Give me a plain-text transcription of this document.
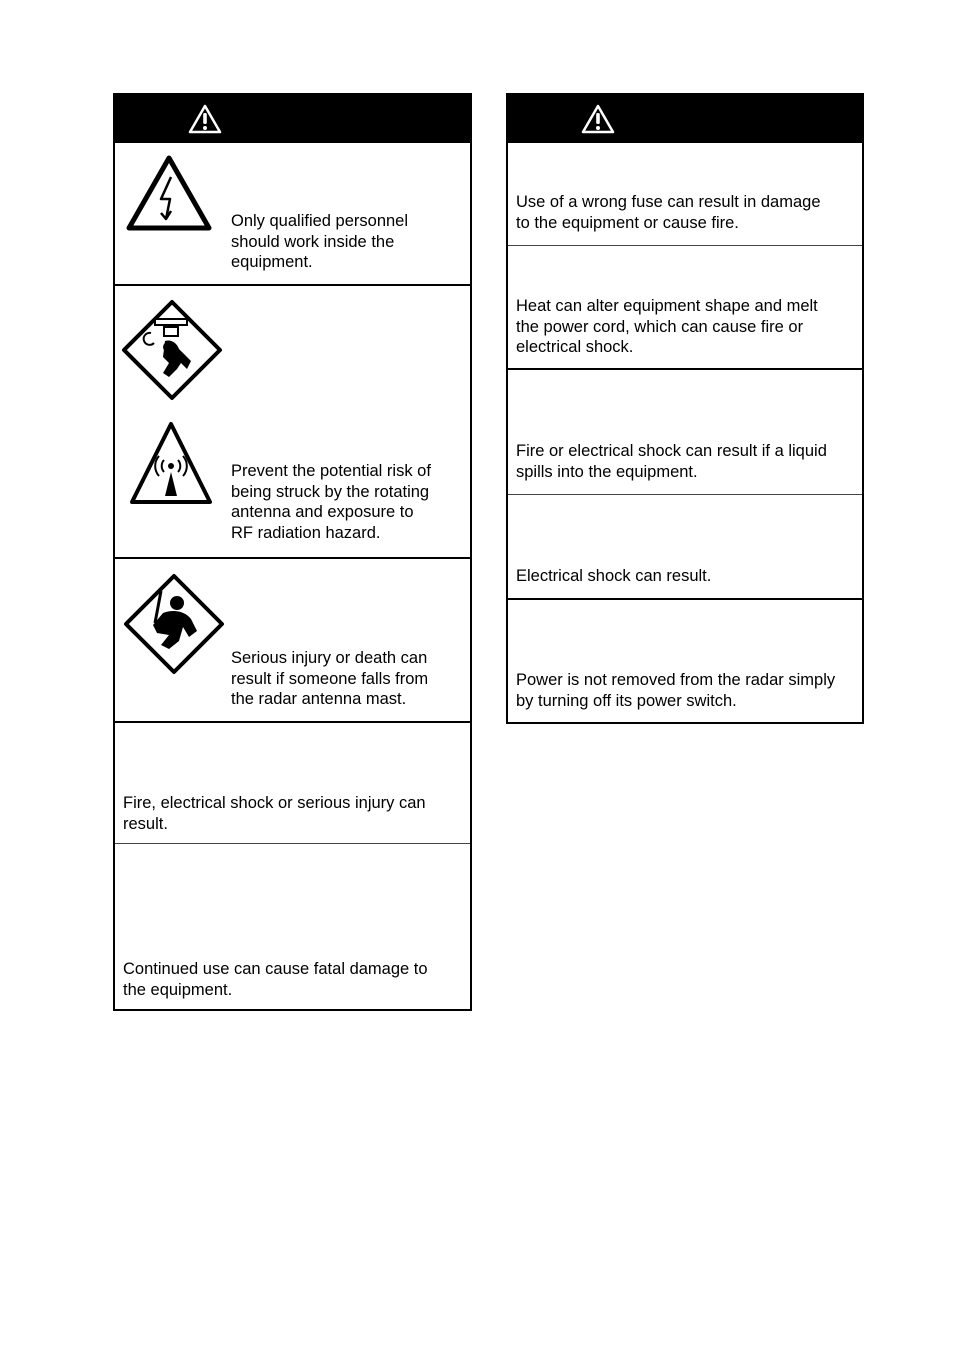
Only qualified personnel
should work inside the
equipment.
Prevent the potential risk of
being struck by the rotating
antenna and exposure to
RF radiation hazard.
Serious injury or death can
result if someone falls from
the radar antenna mast.
Fire, electrical shock or serious injury can
result.
Continued use can cause fatal damage to
the equipment.
Use of a wrong fuse can result in damage
to the equipment or cause fire.
Heat can alter equipment shape and melt
the power cord, which can cause fire or
electrical shock.
Fire or electrical shock can result if a liquid
spills into the equipment.
Electrical shock can result.
Power is not removed from the radar simply
by turning off its power switch.
